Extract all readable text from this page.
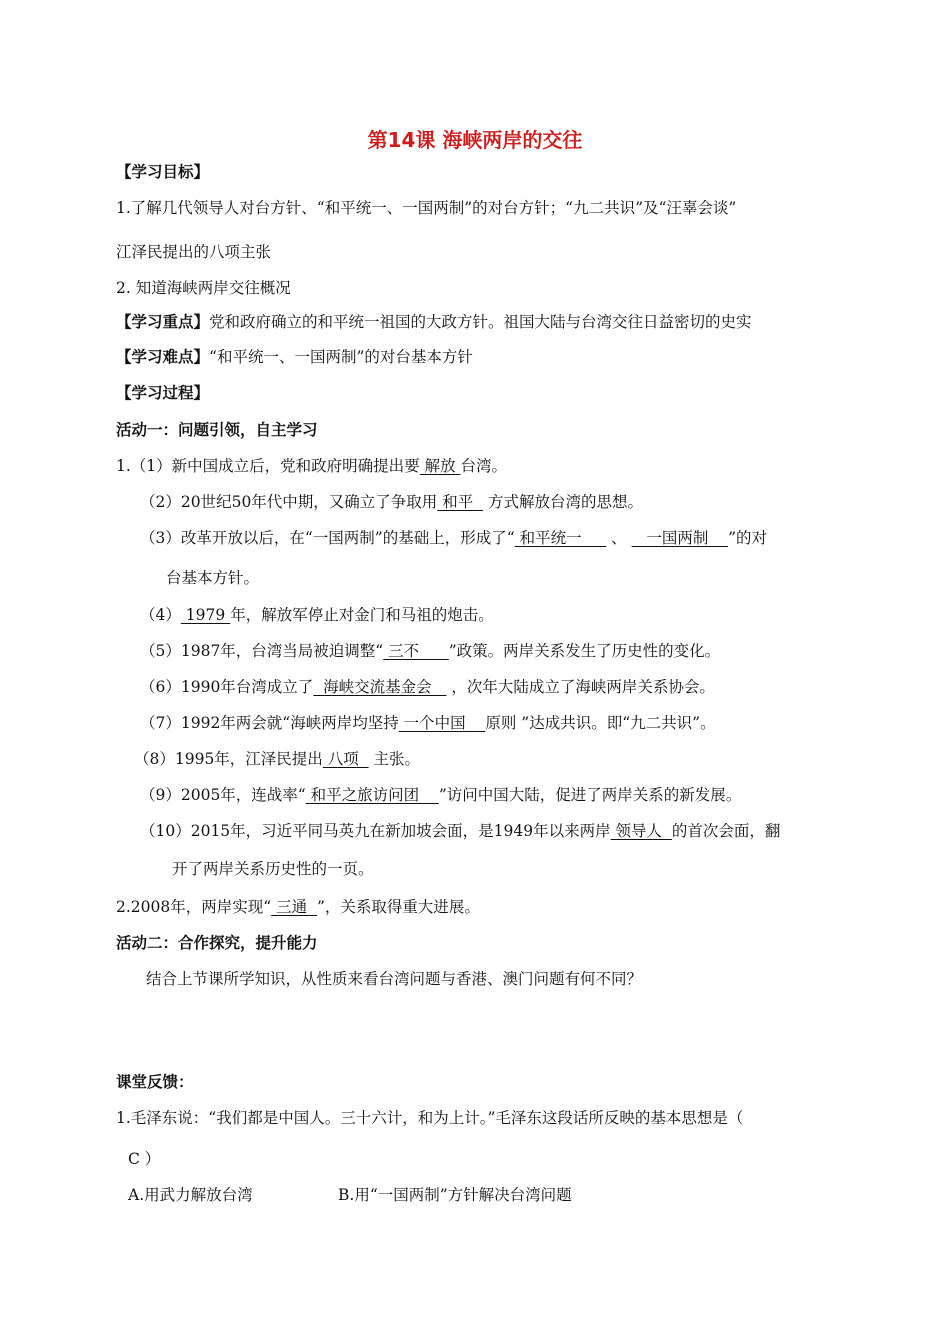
第14课 海峡两岸的交往
【学习目标】
1.了解几代领导人对台方针、“和平统一、一国两制”的对台方针；“九二共识”及“汪辜会谈”
江泽民提出的八项主张
2. 知道海峡两岸交往概况
【学习重点】党和政府确立的和平统一祖国的大政方针。祖国大陆与台湾交往日益密切的史实
【学习难点】“和平统一、一国两制”的对台基本方针
【学习过程】
活动一：问题引领，自主学习
1.（1）新中国成立后，党和政府明确提出要 解放 台湾。
（2）20世纪50年代中期，又确立了争取用 和平   方式解放台湾的思想。
（3）改革开放以后，在“一国两制”的基础上，形成了“ 和平统一      、    一国两制    ”的对
台基本方针。
（4） 1979 年，解放军停止对金门和马祖的炮击。
（5）1987年，台湾当局被迫调整“ 三不      ”政策。两岸关系发生了历史性的变化。
（6）1990年台湾成立了  海峡交流基金会    ，次年大陆成立了海峡两岸关系协会。
（7）1992年两会就“海峡两岸均坚持 一个中国    原则 ”达成共识。即“九二共识”。
（8）1995年，江泽民提出 八项   主张。
（9）2005年，连战率“ 和平之旅访问团    ”访问中国大陆，促进了两岸关系的新发展。
（10）2015年，习近平同马英九在新加坡会面，是1949年以来两岸 领导人  的首次会面，翻
开了两岸关系历史性的一页。
2.2008年，两岸实现“ 三通  ”，关系取得重大进展。
活动二：合作探究，提升能力
结合上节课所学知识，从性质来看台湾问题与香港、澳门问题有何不同？
课堂反馈：
1.毛泽东说：“我们都是中国人。三十六计，和为上计。”毛泽东这段话所反映的基本思想是（
C ）
A.用武力解放台湾	B.用“一国两制”方针解决台湾问题
